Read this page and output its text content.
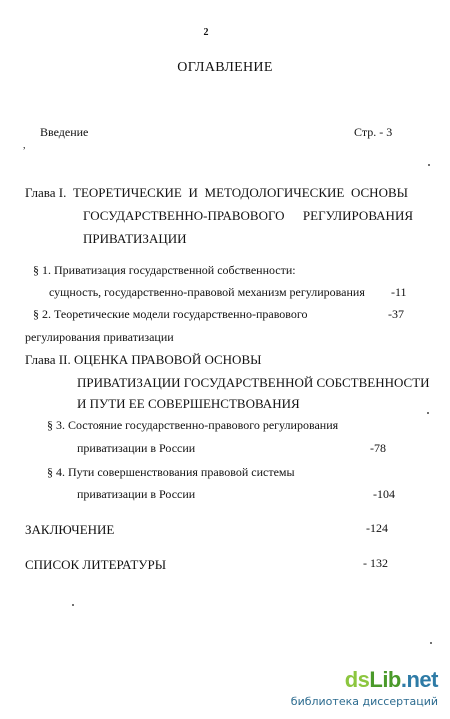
2
ОГЛАВЛЕНИЕ
Введение	Стр. - 3
,
Глава I. ТЕОРЕТИЧЕСКИЕ И МЕТОДОЛОГИЧЕСКИЕ ОСНОВЫ
ГОСУДАРСТВЕННО-ПРАВОВОГО РЕГУЛИРОВАНИЯ
ПРИВАТИЗАЦИИ
§ 1. Приватизация государственной собственности:
сущность, государственно-правовой механизм регулирования -11
§ 2. Теоретические модели государственно-правового	-37
регулирования приватизации
Глава II. ОЦЕНКА ПРАВОВОЙ ОСНОВЫ
ПРИВАТИЗАЦИИ ГОСУДАРСТВЕННОЙ СОБСТВЕННОСТИ
И ПУТИ ЕЕ СОВЕРШЕНСТВОВАНИЯ
§ 3. Состояние государственно-правового регулирования
приватизации в России	-78
§ 4. Пути совершенствования правовой системы
приватизации в России	-104
ЗАКЛЮЧЕНИЕ	-124
СПИСОК ЛИТЕРАТУРЫ	- 132
dsLib.net
библиотека диссертаций
